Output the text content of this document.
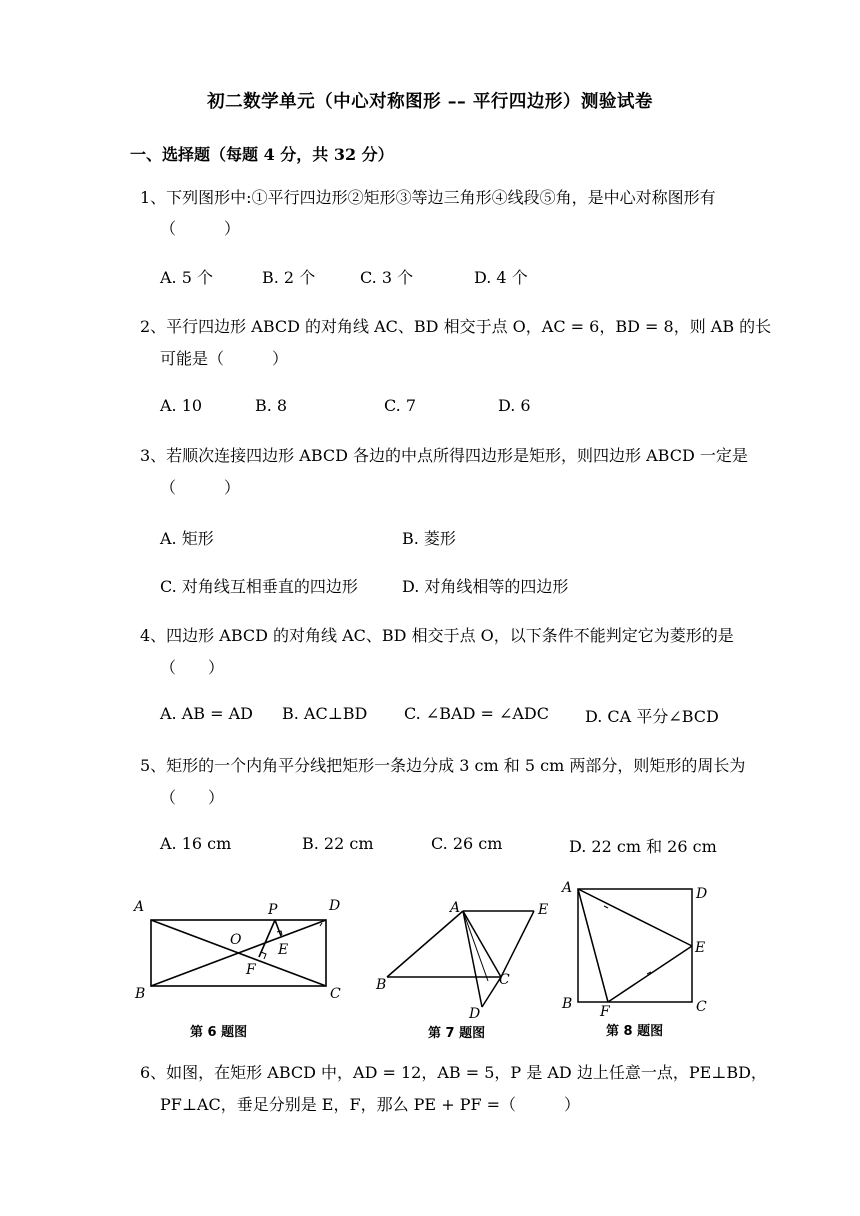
初二数学单元（中心对称图形 –– 平行四边形）测验试卷
一、选择题（每题 4 分，共 32 分）
1、下列图形中:①平行四边形②矩形③等边三角形④线段⑤角，是中心对称图形有
（　　　）
A. 5 个	B. 2 个	C. 3 个	D. 4 个
2、平行四边形 ABCD 的对角线 AC、BD 相交于点 O，AC = 6，BD = 8，则 AB 的长
可能是（　　　）
A. 10	B. 8	C. 7	D. 6
3、若顺次连接四边形 ABCD 各边的中点所得四边形是矩形，则四边形 ABCD 一定是
（　　　）
A. 矩形	B. 菱形
C. 对角线互相垂直的四边形	D. 对角线相等的四边形
4、四边形 ABCD 的对角线 AC、BD 相交于点 O，以下条件不能判定它为菱形的是
（　　）
A. AB = AD B. AC⊥BD C. ∠BAD = ∠ADC D. CA 平分∠BCD
5、矩形的一个内角平分线把矩形一条边分成 3 cm 和 5 cm 两部分，则矩形的周长为
（　　）
A. 16 cm	B. 22 cm	C. 26 cm	D. 22 cm 和 26 cm
A	P	D
O
E
F
B	C
第 6 题图
A	E
B	C
D
第 7 题图
A	D
E
B F	C
第 8 题图
6、如图，在矩形 ABCD 中，AD = 12，AB = 5，P 是 AD 边上任意一点，PE⊥BD，
PF⊥AC，垂足分别是 E，F，那么 PE + PF =（　　　）
